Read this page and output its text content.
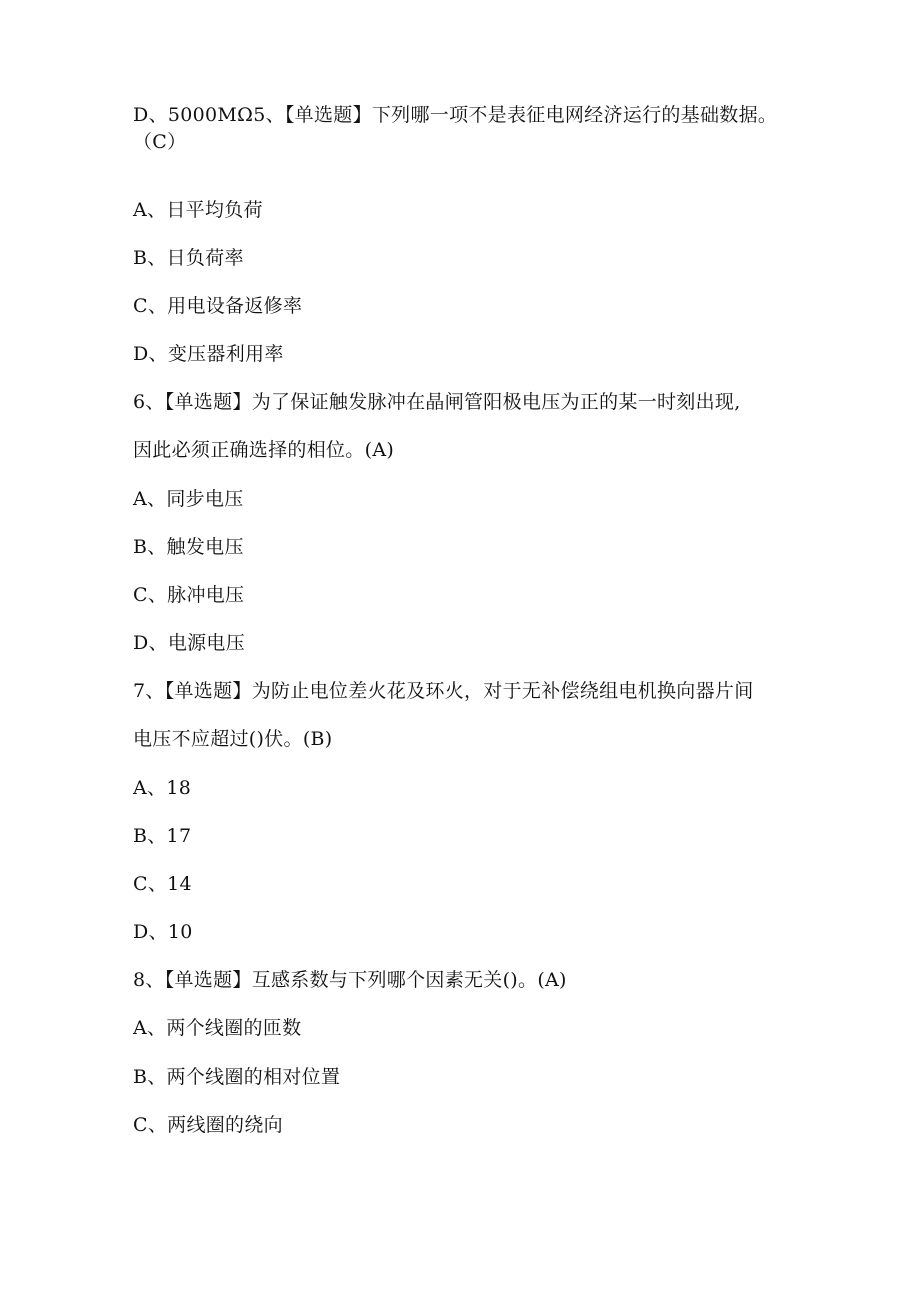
D、5000MΩ5、【单选题】下列哪一项不是表征电网经济运行的基础数据。
（C）
A、日平均负荷
B、日负荷率
C、用电设备返修率
D、变压器利用率
6、【单选题】为了保证触发脉冲在晶闸管阳极电压为正的某一时刻出现,
因此必须正确选择的相位。(A)
A、同步电压
B、触发电压
C、脉冲电压
D、电源电压
7、【单选题】为防止电位差火花及环火，对于无补偿绕组电机换向器片间
电压不应超过()伏。(B)
A、18
B、17
C、14
D、10
8、【单选题】互感系数与下列哪个因素无关()。(A)
A、两个线圈的匝数
B、两个线圈的相对位置
C、两线圈的绕向
